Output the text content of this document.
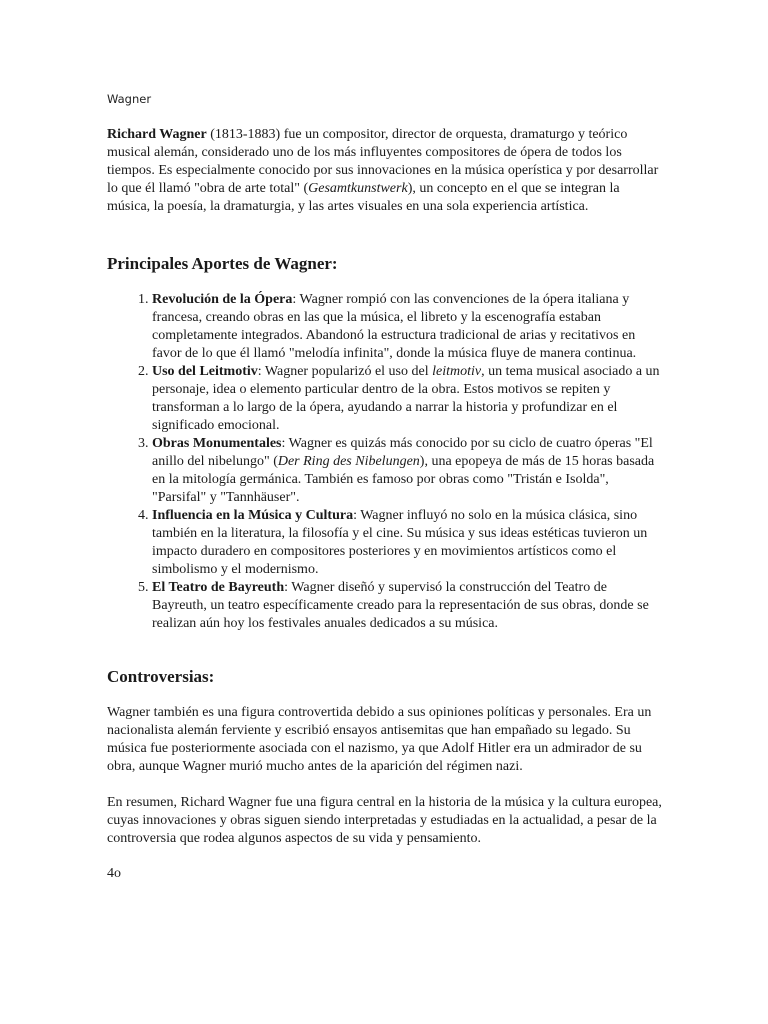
Wagner

Richard Wagner (1813-1883) fue un compositor, director de orquesta, dramaturgo y teórico musical alemán, considerado uno de los más influyentes compositores de ópera de todos los tiempos. Es especialmente conocido por sus innovaciones en la música operística y por desarrollar lo que él llamó "obra de arte total" (Gesamtkunstwerk), un concepto en el que se integran la música, la poesía, la dramaturgia, y las artes visuales en una sola experiencia artística.

Principales Aportes de Wagner:
1. Revolución de la Ópera: Wagner rompió con las convenciones de la ópera italiana y francesa, creando obras en las que la música, el libreto y la escenografía estaban completamente integrados. Abandonó la estructura tradicional de arias y recitativos en favor de lo que él llamó "melodía infinita", donde la música fluye de manera continua.
2. Uso del Leitmotiv: Wagner popularizó el uso del leitmotiv, un tema musical asociado a un personaje, idea o elemento particular dentro de la obra. Estos motivos se repiten y transforman a lo largo de la ópera, ayudando a narrar la historia y profundizar en el significado emocional.
3. Obras Monumentales: Wagner es quizás más conocido por su ciclo de cuatro óperas "El anillo del nibelungo" (Der Ring des Nibelungen), una epopeya de más de 15 horas basada en la mitología germánica. También es famoso por obras como "Tristán e Isolda", "Parsifal" y "Tannhäuser".
4. Influencia en la Música y Cultura: Wagner influyó no solo en la música clásica, sino también en la literatura, la filosofía y el cine. Su música y sus ideas estéticas tuvieron un impacto duradero en compositores posteriores y en movimientos artísticos como el simbolismo y el modernismo.
5. El Teatro de Bayreuth: Wagner diseñó y supervisó la construcción del Teatro de Bayreuth, un teatro específicamente creado para la representación de sus obras, donde se realizan aún hoy los festivales anuales dedicados a su música.
Controversias:

Wagner también es una figura controvertida debido a sus opiniones políticas y personales. Era un nacionalista alemán ferviente y escribió ensayos antisemitas que han empañado su legado. Su música fue posteriormente asociada con el nazismo, ya que Adolf Hitler era un admirador de su obra, aunque Wagner murió mucho antes de la aparición del régimen nazi.

En resumen, Richard Wagner fue una figura central en la historia de la música y la cultura europea, cuyas innovaciones y obras siguen siendo interpretadas y estudiadas en la actualidad, a pesar de la controversia que rodea algunos aspectos de su vida y pensamiento.

4o
